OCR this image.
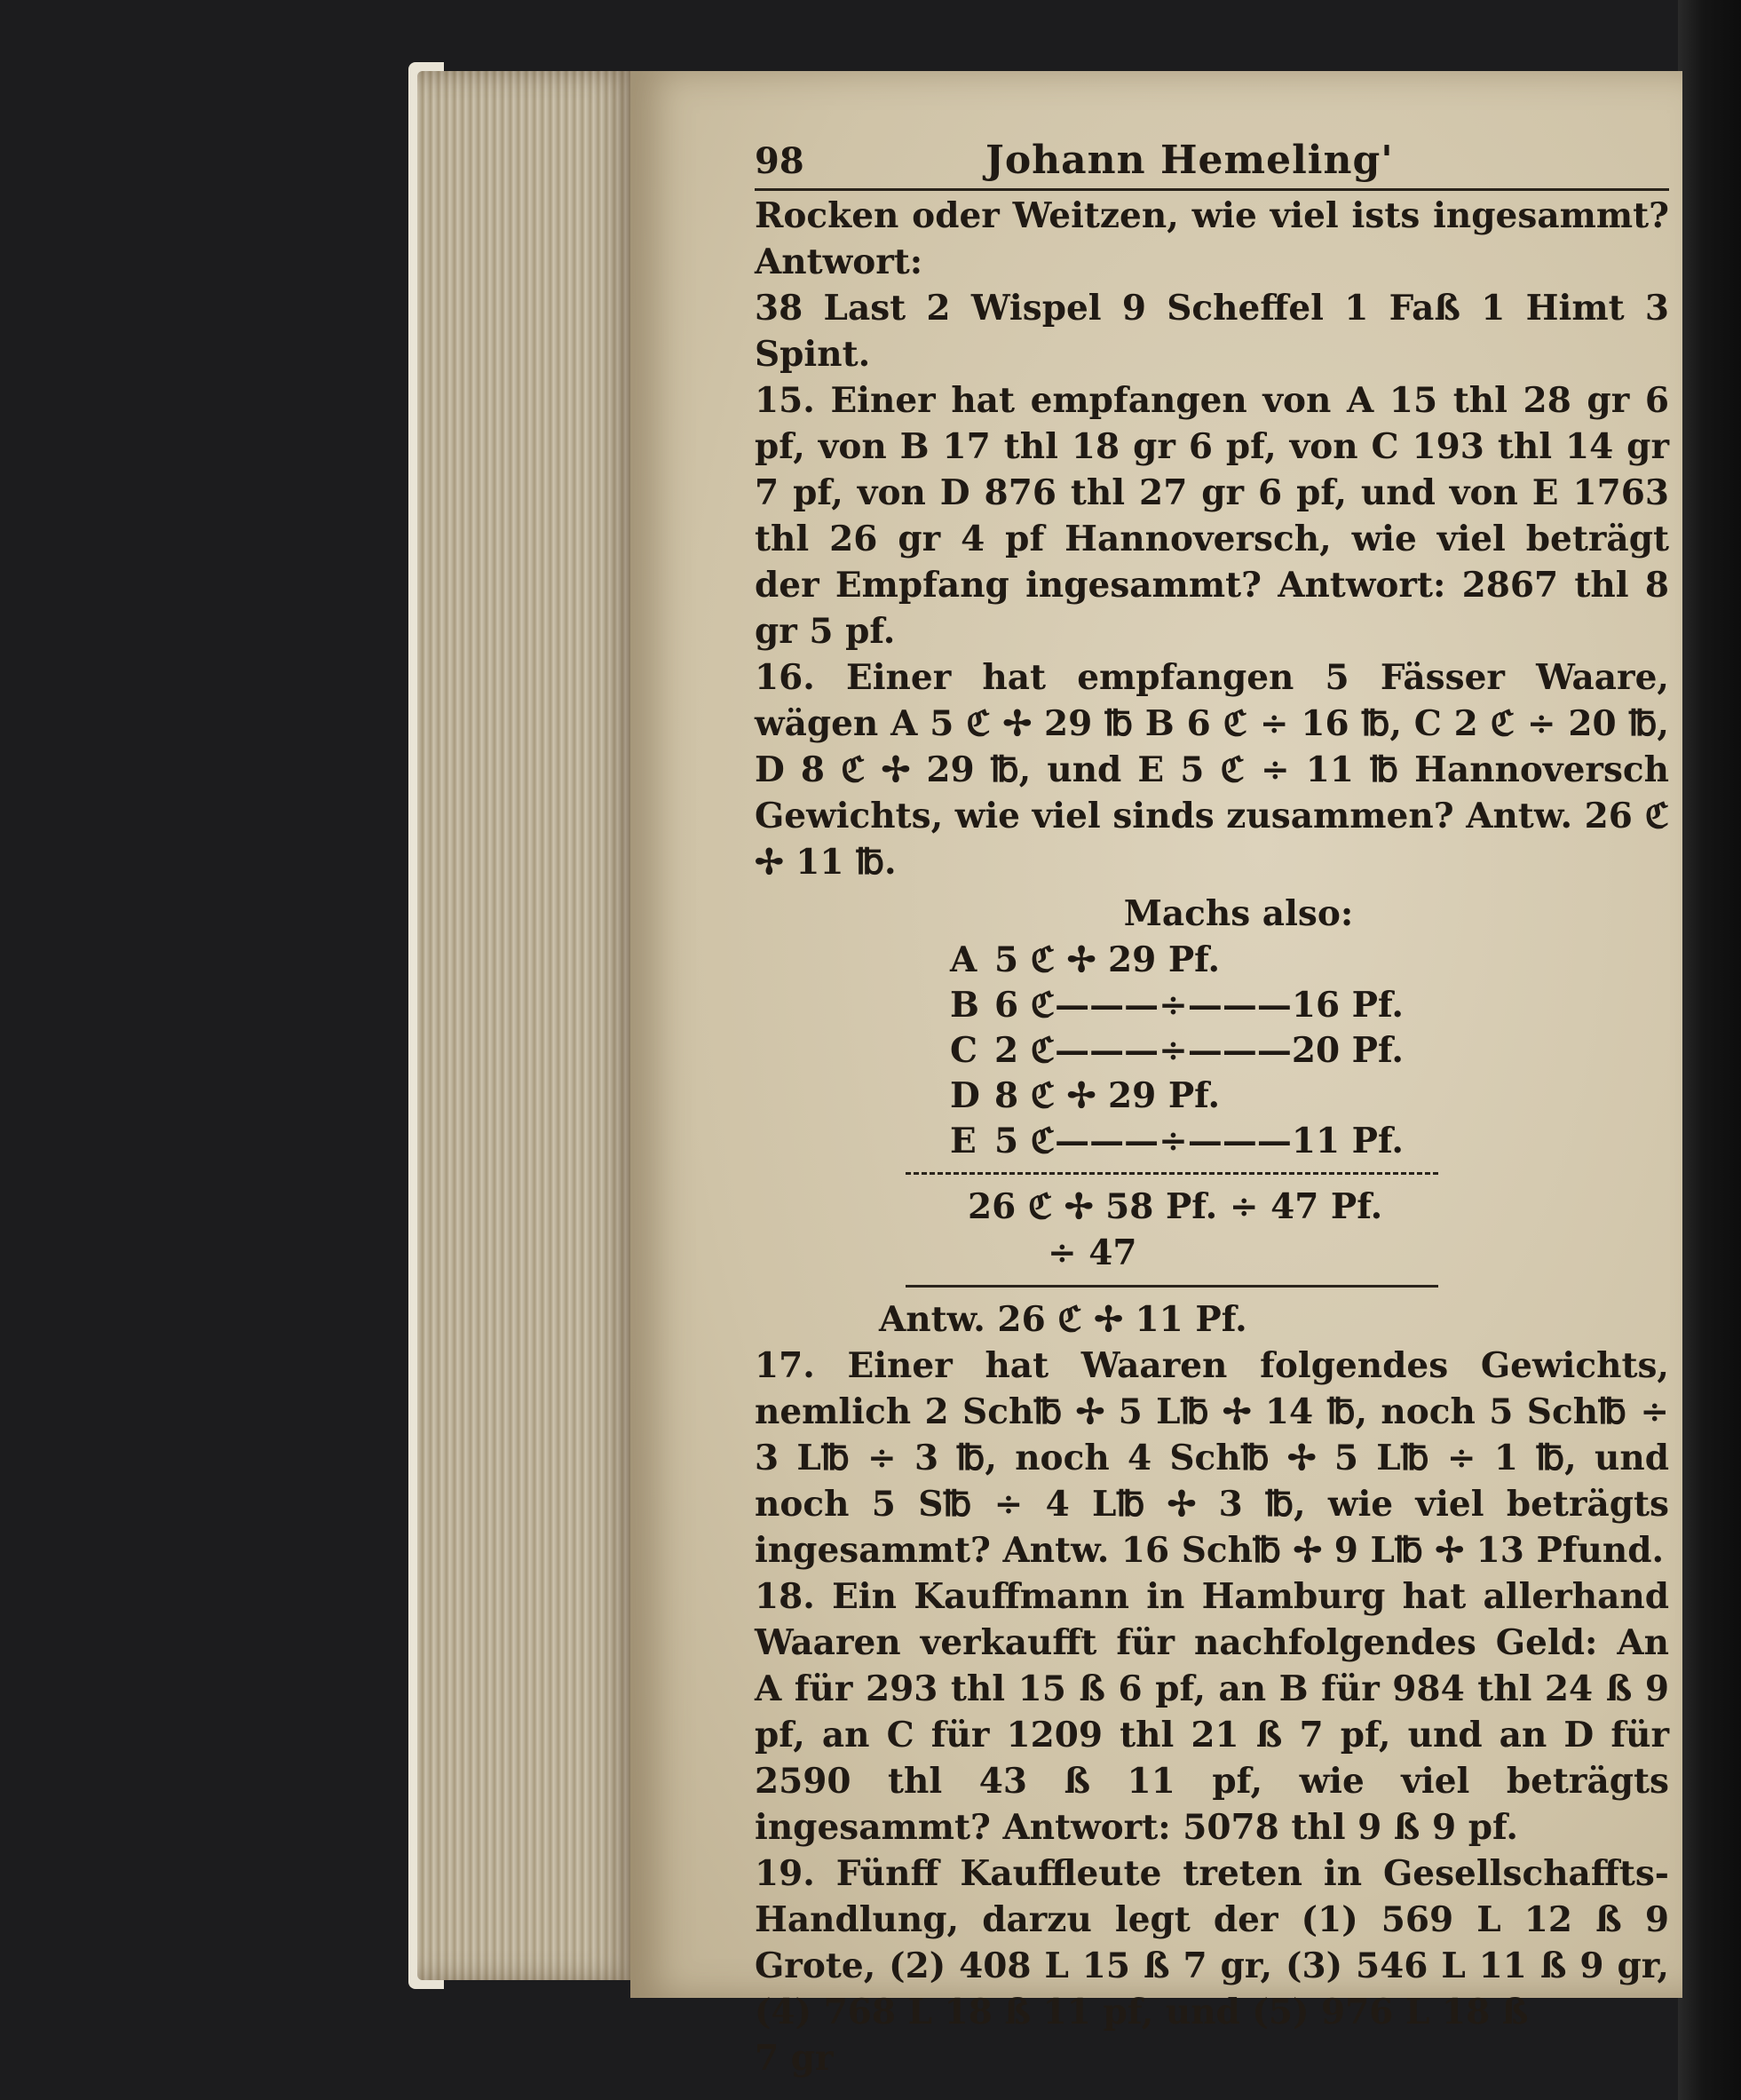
98	Johann Hemeling'

Rocken oder Weitzen, wie viel ists ingesammt? Antwort:

38 Last 2 Wispel 9 Scheffel 1 Faß 1 Himt 3 Spint.

15. Einer hat empfangen von A 15 thl 28 gr 6 pf, von B 17 thl 18 gr 6 pf, von C 193 thl 14 gr 7 pf, von D 876 thl 27 gr 6 pf, und von E 1763 thl 26 gr 4 pf Hannoversch, wie viel beträgt der Empfang ingesammt? Antwort: 2867 thl 8 gr 5 pf.

16. Einer hat empfangen 5 Fässer Waare, wägen A 5 ℭ ✢ 29 ℔ B 6 ℭ ÷ 16 ℔, C 2 ℭ ÷ 20 ℔, D 8 ℭ ✢ 29 ℔, und E 5 ℭ ÷ 11 ℔ Hannoversch Gewichts, wie viel sinds zusammen? Antw. 26 ℭ ✢ 11 ℔.

Machs also:
A 5 ℭ ✢ 29 Pf.
B 6 ℭ———÷———16 Pf.
C 2 ℭ———÷———20 Pf.
D 8 ℭ ✢ 29 Pf.
E 5 ℭ———÷———11 Pf.
26 ℭ ✢ 58 Pf. ÷ 47 Pf.
÷ 47
Antw. 26 ℭ ✢ 11 Pf.

17. Einer hat Waaren folgendes Gewichts, nemlich 2 Sch℔ ✢ 5 L℔ ✢ 14 ℔, noch 5 Sch℔ ÷ 3 L℔ ÷ 3 ℔, noch 4 Sch℔ ✢ 5 L℔ ÷ 1 ℔, und noch 5 S℔ ÷ 4 L℔ ✢ 3 ℔, wie viel beträgts ingesammt? Antw. 16 Sch℔ ✢ 9 L℔ ✢ 13 Pfund.

18. Ein Kauffmann in Hamburg hat allerhand Waaren verkaufft für nachfolgendes Geld: An A für 293 thl 15 ß 6 pf, an B für 984 thl 24 ß 9 pf, an C für 1209 thl 21 ß 7 pf, und an D für 2590 thl 43 ß 11 pf, wie viel beträgts ingesammt? Antwort: 5078 thl 9 ß 9 pf.

19. Fünff Kauffleute treten in Gesellschaffts-Handlung, darzu legt der (1) 569 L 12 ß 9 Grote, (2) 408 L 15 ß 7 gr, (3) 546 L 11 ß 9 gr, (4) 768 L 18 ß 11 pf, und (5) 976 L 18 ß

7 gr
